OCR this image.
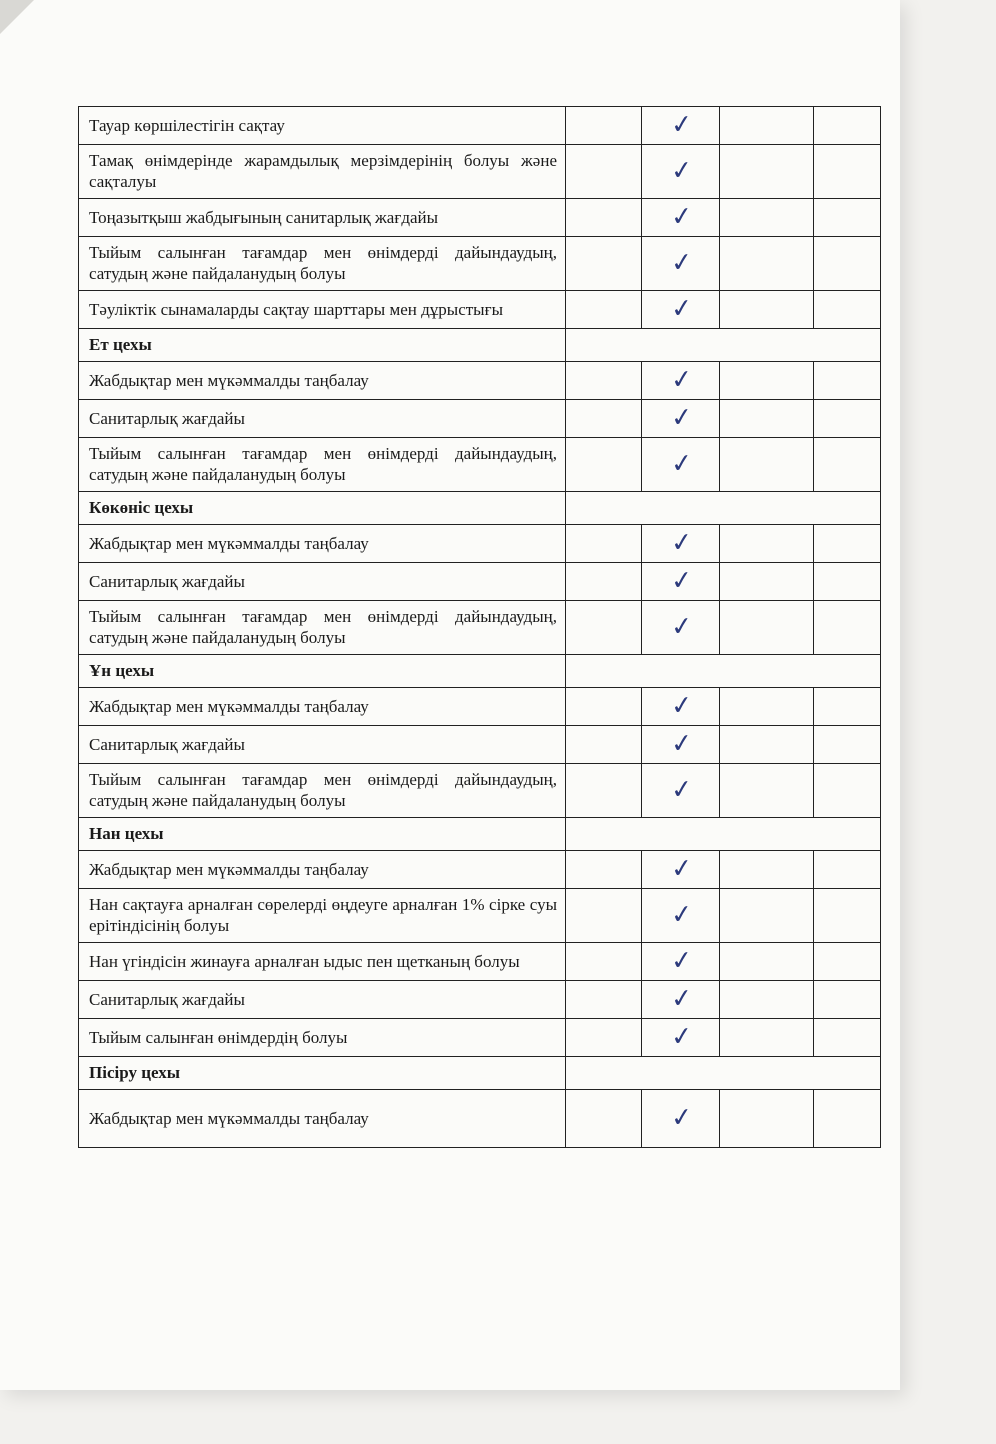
Тауар көршілестігін сақтау		✓		
Тамақ өнімдерінде жарамдылық мерзімдерінің болуы және сақталуы		✓		
Тоңазытқыш жабдығының санитарлық жағдайы		✓		
Тыйым салынған тағамдар мен өнімдерді дайындаудың, сатудың және пайдаланудың болуы		✓		
Тәуліктік сынамаларды сақтау шарттары мен дұрыстығы		✓		
Ет цехы				
Жабдықтар мен мүкәммалды таңбалау		✓		
Санитарлық жағдайы		✓		
Тыйым салынған тағамдар мен өнімдерді дайындаудың, сатудың және пайдаланудың болуы		✓		
Көкөніс цехы				
Жабдықтар мен мүкәммалды таңбалау		✓		
Санитарлық жағдайы		✓		
Тыйым салынған тағамдар мен өнімдерді дайындаудың, сатудың және пайдаланудың болуы		✓		
Ұн цехы				
Жабдықтар мен мүкәммалды таңбалау		✓		
Санитарлық жағдайы		✓		
Тыйым салынған тағамдар мен өнімдерді дайындаудың, сатудың және пайдаланудың болуы		✓		
Нан цехы				
Жабдықтар мен мүкәммалды таңбалау		✓		
Нан сақтауға арналған сөрелерді өңдеуге арналған 1% сірке суы ерітіндісінің болуы		✓		
Нан үгіндісін жинауға арналған ыдыс пен щетканың болуы		✓		
Санитарлық жағдайы		✓		
Тыйым салынған өнімдердің болуы		✓		
Пісіру цехы				
Жабдықтар мен мүкәммалды таңбалау		✓		
